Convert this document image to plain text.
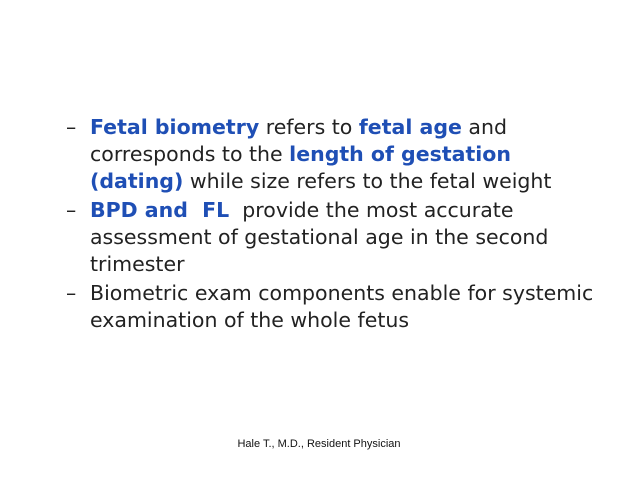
– Fetal biometry refers to fetal age and corresponds to the length of gestation (dating) while size refers to the fetal weight
– BPD and  FL  provide the most accurate assessment of gestational age in the second trimester
– Biometric exam components enable for systemic examination of the whole fetus
Hale T., M.D., Resident Physician
